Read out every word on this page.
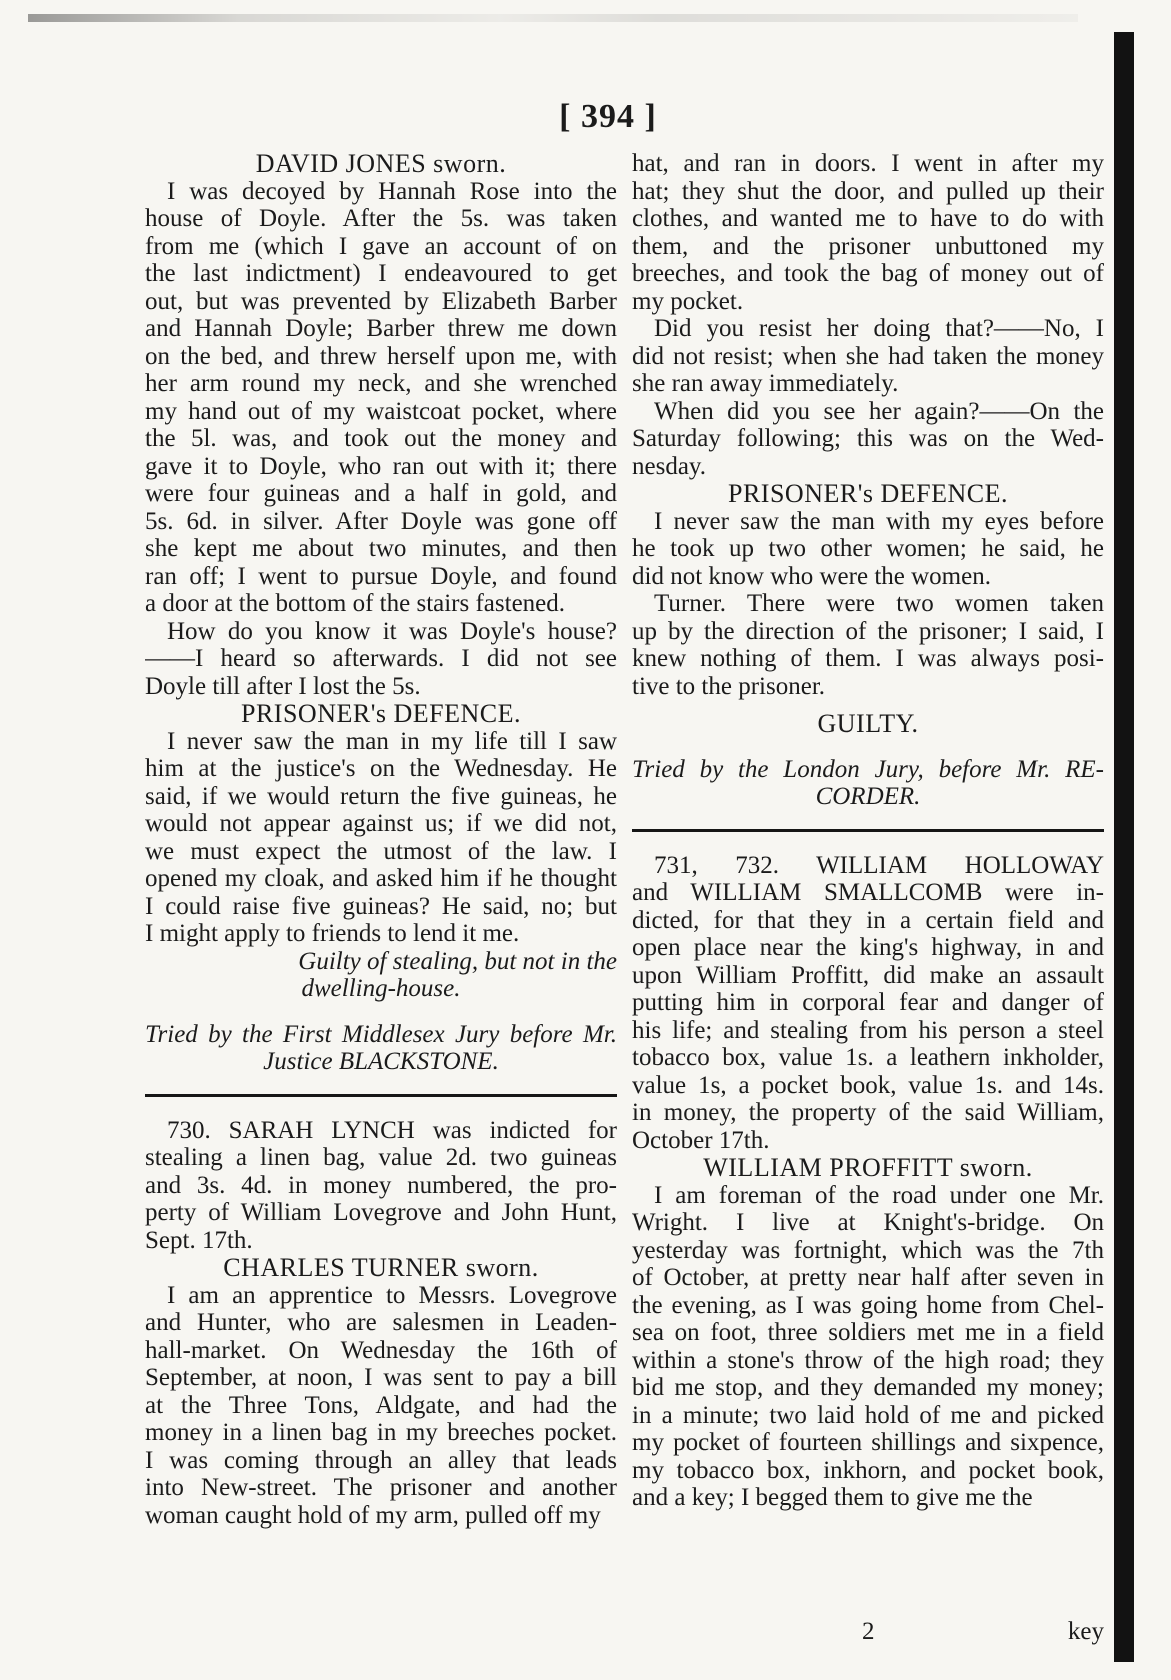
[ 394 ]
DAVID JONES sworn.
I was decoyed by Hannah Rose into the
house of Doyle. After the 5s. was taken
from me (which I gave an account of on
the last indictment) I endeavoured to get
out, but was prevented by Elizabeth Barber
and Hannah Doyle; Barber threw me down
on the bed, and threw herself upon me, with
her arm round my neck, and she wrenched
my hand out of my waistcoat pocket, where
the 5l. was, and took out the money and
gave it to Doyle, who ran out with it; there
were four guineas and a half in gold, and
5s. 6d. in silver. After Doyle was gone off
she kept me about two minutes, and then
ran off; I went to pursue Doyle, and found
a door at the bottom of the stairs fastened.
How do you know it was Doyle's house?
——I heard so afterwards. I did not see
Doyle till after I lost the 5s.
PRISONER's DEFENCE.
I never saw the man in my life till I saw
him at the justice's on the Wednesday. He
said, if we would return the five guineas, he
would not appear against us; if we did not,
we must expect the utmost of the law. I
opened my cloak, and asked him if he thought
I could raise five guineas? He said, no; but
I might apply to friends to lend it me.
Guilty of stealing, but not in the
dwelling-house.
Tried by the First Middlesex Jury before Mr.
Justice BLACKSTONE.
730. SARAH LYNCH was indicted for
stealing a linen bag, value 2d. two guineas
and 3s. 4d. in money numbered, the pro-
perty of William Lovegrove and John Hunt,
Sept. 17th.
CHARLES TURNER sworn.
I am an apprentice to Messrs. Lovegrove
and Hunter, who are salesmen in Leaden-
hall-market. On Wednesday the 16th of
September, at noon, I was sent to pay a bill
at the Three Tons, Aldgate, and had the
money in a linen bag in my breeches pocket.
I was coming through an alley that leads
into New-street. The prisoner and another
woman caught hold of my arm, pulled off my
hat, and ran in doors. I went in after my
hat; they shut the door, and pulled up their
clothes, and wanted me to have to do with
them, and the prisoner unbuttoned my
breeches, and took the bag of money out of
my pocket.
Did you resist her doing that?——No, I
did not resist; when she had taken the money
she ran away immediately.
When did you see her again?——On the
Saturday following; this was on the Wed-
nesday.
PRISONER's DEFENCE.
I never saw the man with my eyes before
he took up two other women; he said, he
did not know who were the women.
Turner. There were two women taken
up by the direction of the prisoner; I said, I
knew nothing of them. I was always posi-
tive to the prisoner.
GUILTY.
Tried by the London Jury, before Mr. RE-
CORDER.
731, 732. WILLIAM HOLLOWAY
and WILLIAM SMALLCOMB were in-
dicted, for that they in a certain field and
open place near the king's highway, in and
upon William Proffitt, did make an assault
putting him in corporal fear and danger of
his life; and stealing from his person a steel
tobacco box, value 1s. a leathern inkholder,
value 1s, a pocket book, value 1s. and 14s.
in money, the property of the said William,
October 17th.
WILLIAM PROFFITT sworn.
I am foreman of the road under one Mr.
Wright. I live at Knight's-bridge. On
yesterday was fortnight, which was the 7th
of October, at pretty near half after seven in
the evening, as I was going home from Chel-
sea on foot, three soldiers met me in a field
within a stone's throw of the high road; they
bid me stop, and they demanded my money;
in a minute; two laid hold of me and picked
my pocket of fourteen shillings and sixpence,
my tobacco box, inkhorn, and pocket book,
and a key; I begged them to give me the
2	key
